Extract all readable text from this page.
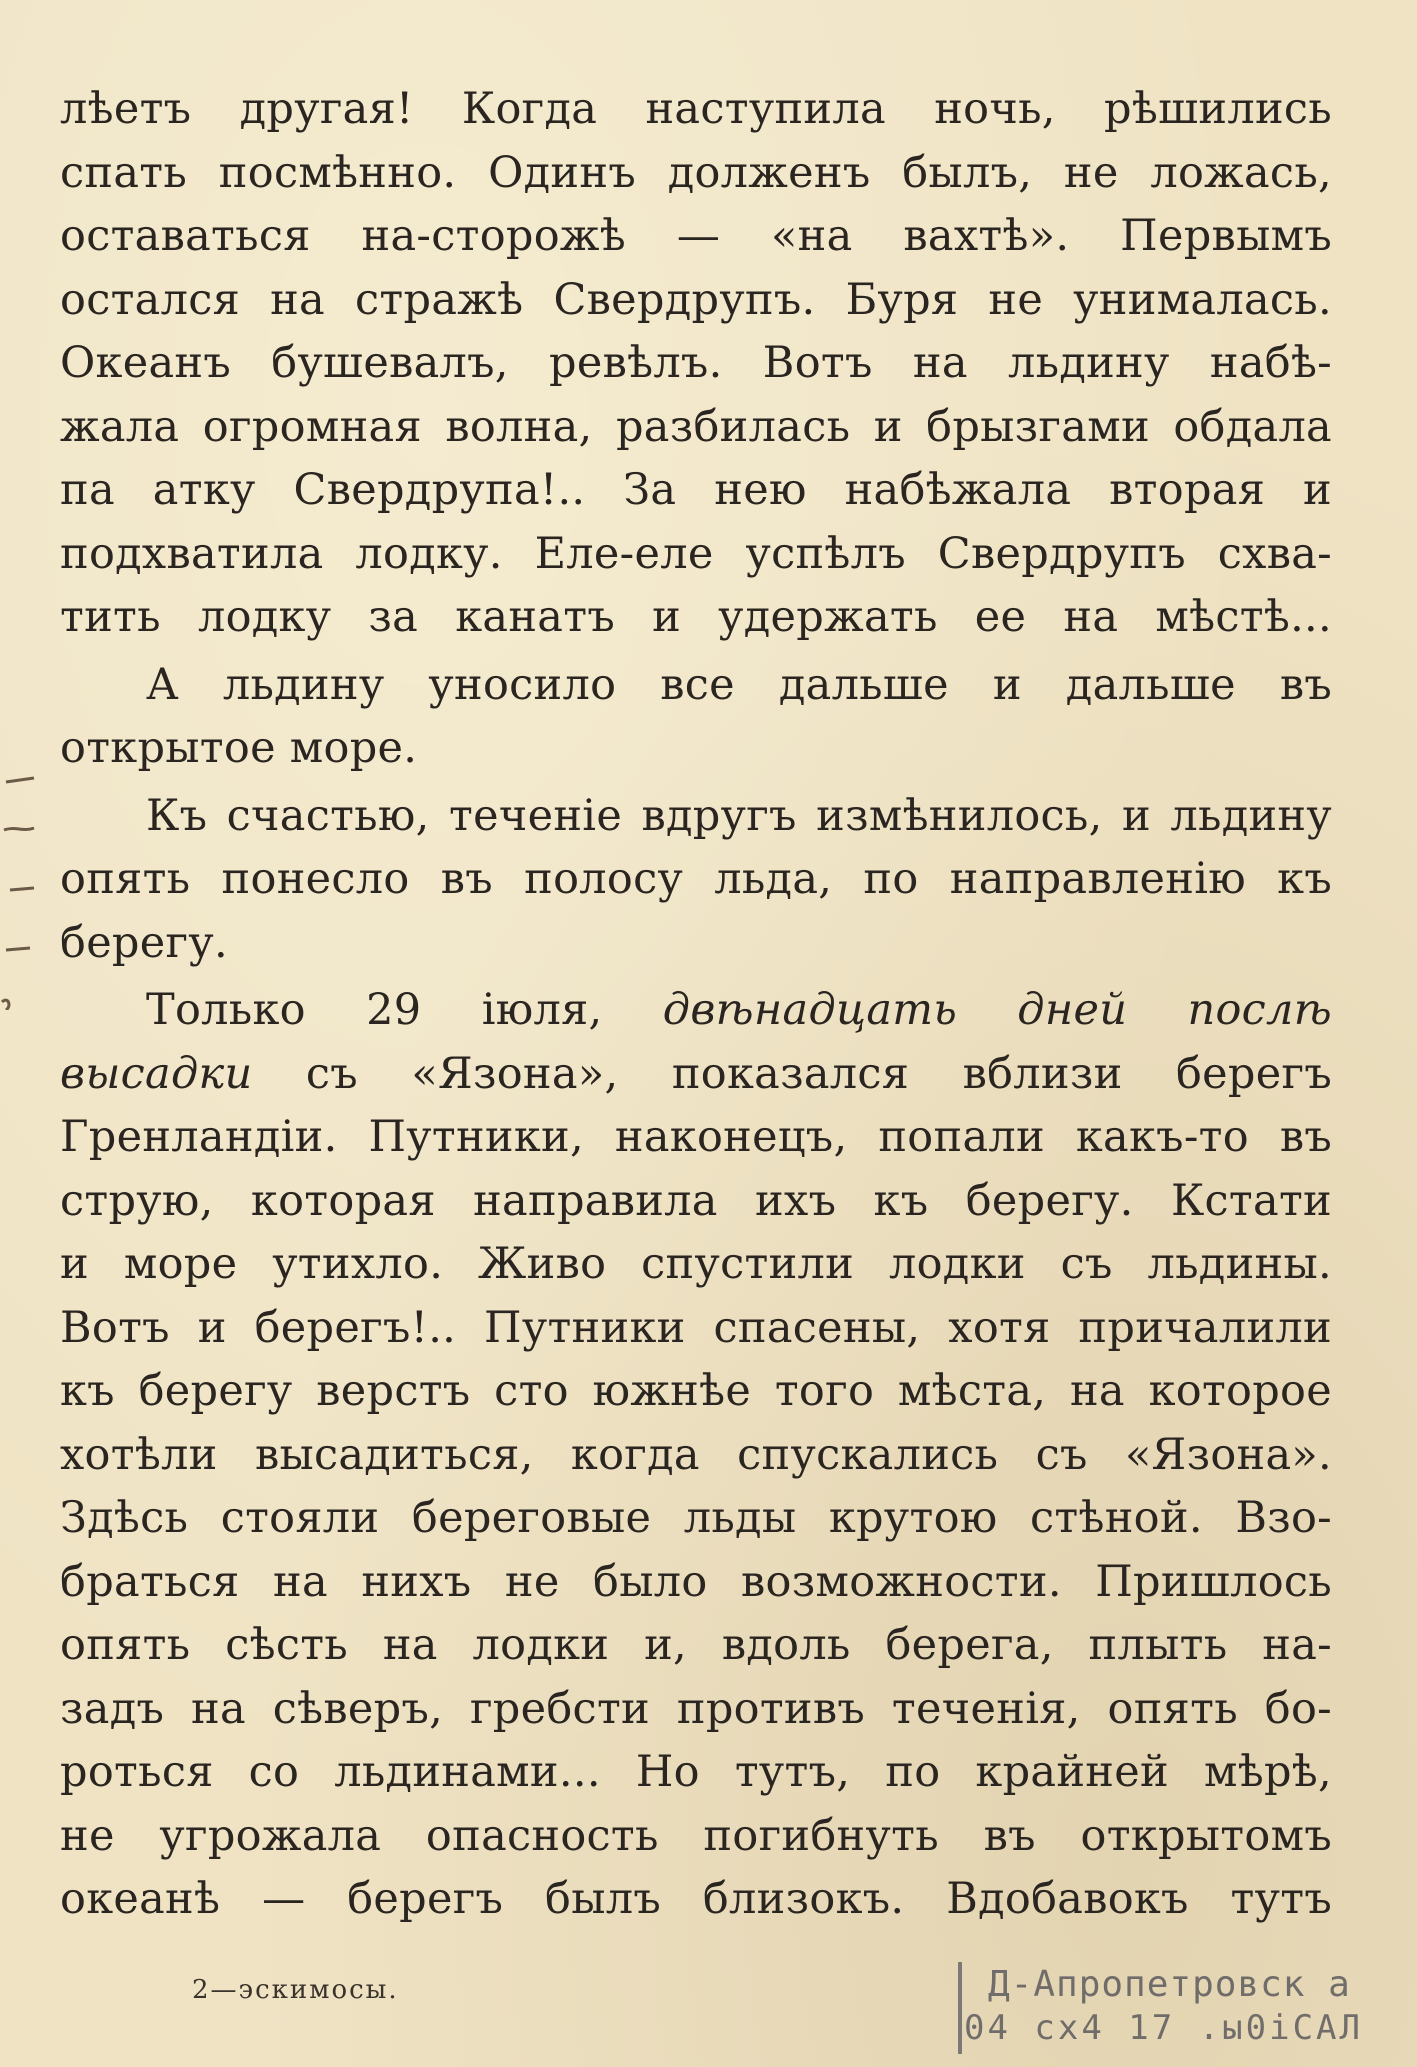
лѣетъ другая! Когда наступила ночь, рѣшились
спать посмѣнно. Одинъ долженъ былъ, не ложась,
оставаться на-сторожѣ — «на вахтѣ». Первымъ
остался на стражѣ Свердрупъ. Буря не унималась.
Океанъ бушевалъ, ревѣлъ. Вотъ на льдину набѣ-
жала огромная волна, разбилась и брызгами обдала
па атку Свердрупа!.. За нею набѣжала вторая и
подхватила лодку. Еле-еле успѣлъ Свердрупъ схва-
тить лодку за канатъ и удержать ее на мѣстѣ...
А льдину уносило все дальше и дальше въ
открытое море.
Къ счастью, теченіе вдругъ измѣнилось, и льдину
опять понесло въ полосу льда, по направленію къ
берегу.
Только 29 іюля, двѣнадцать дней послѣ
высадки съ «Язона», показался вблизи берегъ
Гренландіи. Путники, наконецъ, попали какъ-то въ
струю, которая направила ихъ къ берегу. Кстати
и море утихло. Живо спустили лодки съ льдины.
Вотъ и берегъ!.. Путники спасены, хотя причалили
къ берегу верстъ сто южнѣе того мѣста, на которое
хотѣли высадиться, когда спускались съ «Язона».
Здѣсь стояли береговые льды крутою стѣной. Взо-
браться на нихъ не было возможности. Пришлось
опять сѣсть на лодки и, вдоль берега, плыть на-
задъ на сѣверъ, гребсти противъ теченія, опять бо-
роться со льдинами... Но тутъ, по крайней мѣрѣ,
не угрожала опасность погибнуть въ открытомъ
океанѣ — берегъ былъ близокъ. Вдобавокъ тутъ
2—эскимосы.	Д-Апропетровск а
04 сх4 17 .ы0іСАЛ
